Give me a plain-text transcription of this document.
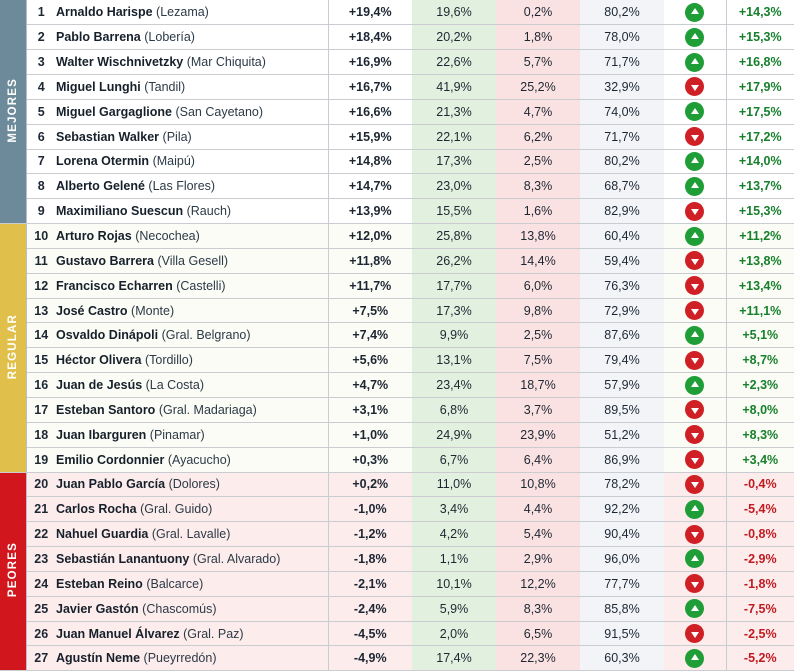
MEJORES	1	Arnaldo Harispe (Lezama)	+19,4%	19,6%	0,2%	80,2%		+14,3%
	2	Pablo Barrena (Lobería)	+18,4%	20,2%	1,8%	78,0%		+15,3%
	3	Walter Wischnivetzky (Mar Chiquita)	+16,9%	22,6%	5,7%	71,7%		+16,8%
	4	Miguel Lunghi (Tandil)	+16,7%	41,9%	25,2%	32,9%		+17,9%
	5	Miguel Gargaglione (San Cayetano)	+16,6%	21,3%	4,7%	74,0%		+17,5%
	6	Sebastian Walker (Pila)	+15,9%	22,1%	6,2%	71,7%		+17,2%
	7	Lorena Otermin (Maipú)	+14,8%	17,3%	2,5%	80,2%		+14,0%
	8	Alberto Gelené (Las Flores)	+14,7%	23,0%	8,3%	68,7%		+13,7%
	9	Maximiliano Suescun (Rauch)	+13,9%	15,5%	1,6%	82,9%		+15,3%
REGULAR	10	Arturo Rojas (Necochea)	+12,0%	25,8%	13,8%	60,4%		+11,2%
	11	Gustavo Barrera (Villa Gesell)	+11,8%	26,2%	14,4%	59,4%		+13,8%
	12	Francisco Echarren (Castelli)	+11,7%	17,7%	6,0%	76,3%		+13,4%
	13	José Castro (Monte)	+7,5%	17,3%	9,8%	72,9%		+11,1%
	14	Osvaldo Dinápoli (Gral. Belgrano)	+7,4%	9,9%	2,5%	87,6%		+5,1%
	15	Héctor Olivera (Tordillo)	+5,6%	13,1%	7,5%	79,4%		+8,7%
	16	Juan de Jesús (La Costa)	+4,7%	23,4%	18,7%	57,9%		+2,3%
	17	Esteban Santoro (Gral. Madariaga)	+3,1%	6,8%	3,7%	89,5%		+8,0%
	18	Juan Ibarguren (Pinamar)	+1,0%	24,9%	23,9%	51,2%		+8,3%
	19	Emilio Cordonnier (Ayacucho)	+0,3%	6,7%	6,4%	86,9%		+3,4%
PEORES	20	Juan Pablo García (Dolores)	+0,2%	11,0%	10,8%	78,2%		-0,4%
	21	Carlos Rocha (Gral. Guido)	-1,0%	3,4%	4,4%	92,2%		-5,4%
	22	Nahuel Guardia (Gral. Lavalle)	-1,2%	4,2%	5,4%	90,4%		-0,8%
	23	Sebastián Lanantuony (Gral. Alvarado)	-1,8%	1,1%	2,9%	96,0%		-2,9%
	24	Esteban Reino (Balcarce)	-2,1%	10,1%	12,2%	77,7%		-1,8%
	25	Javier Gastón (Chascomús)	-2,4%	5,9%	8,3%	85,8%		-7,5%
	26	Juan Manuel Álvarez (Gral. Paz)	-4,5%	2,0%	6,5%	91,5%		-2,5%
	27	Agustín Neme (Pueyrredón)	-4,9%	17,4%	22,3%	60,3%		-5,2%
